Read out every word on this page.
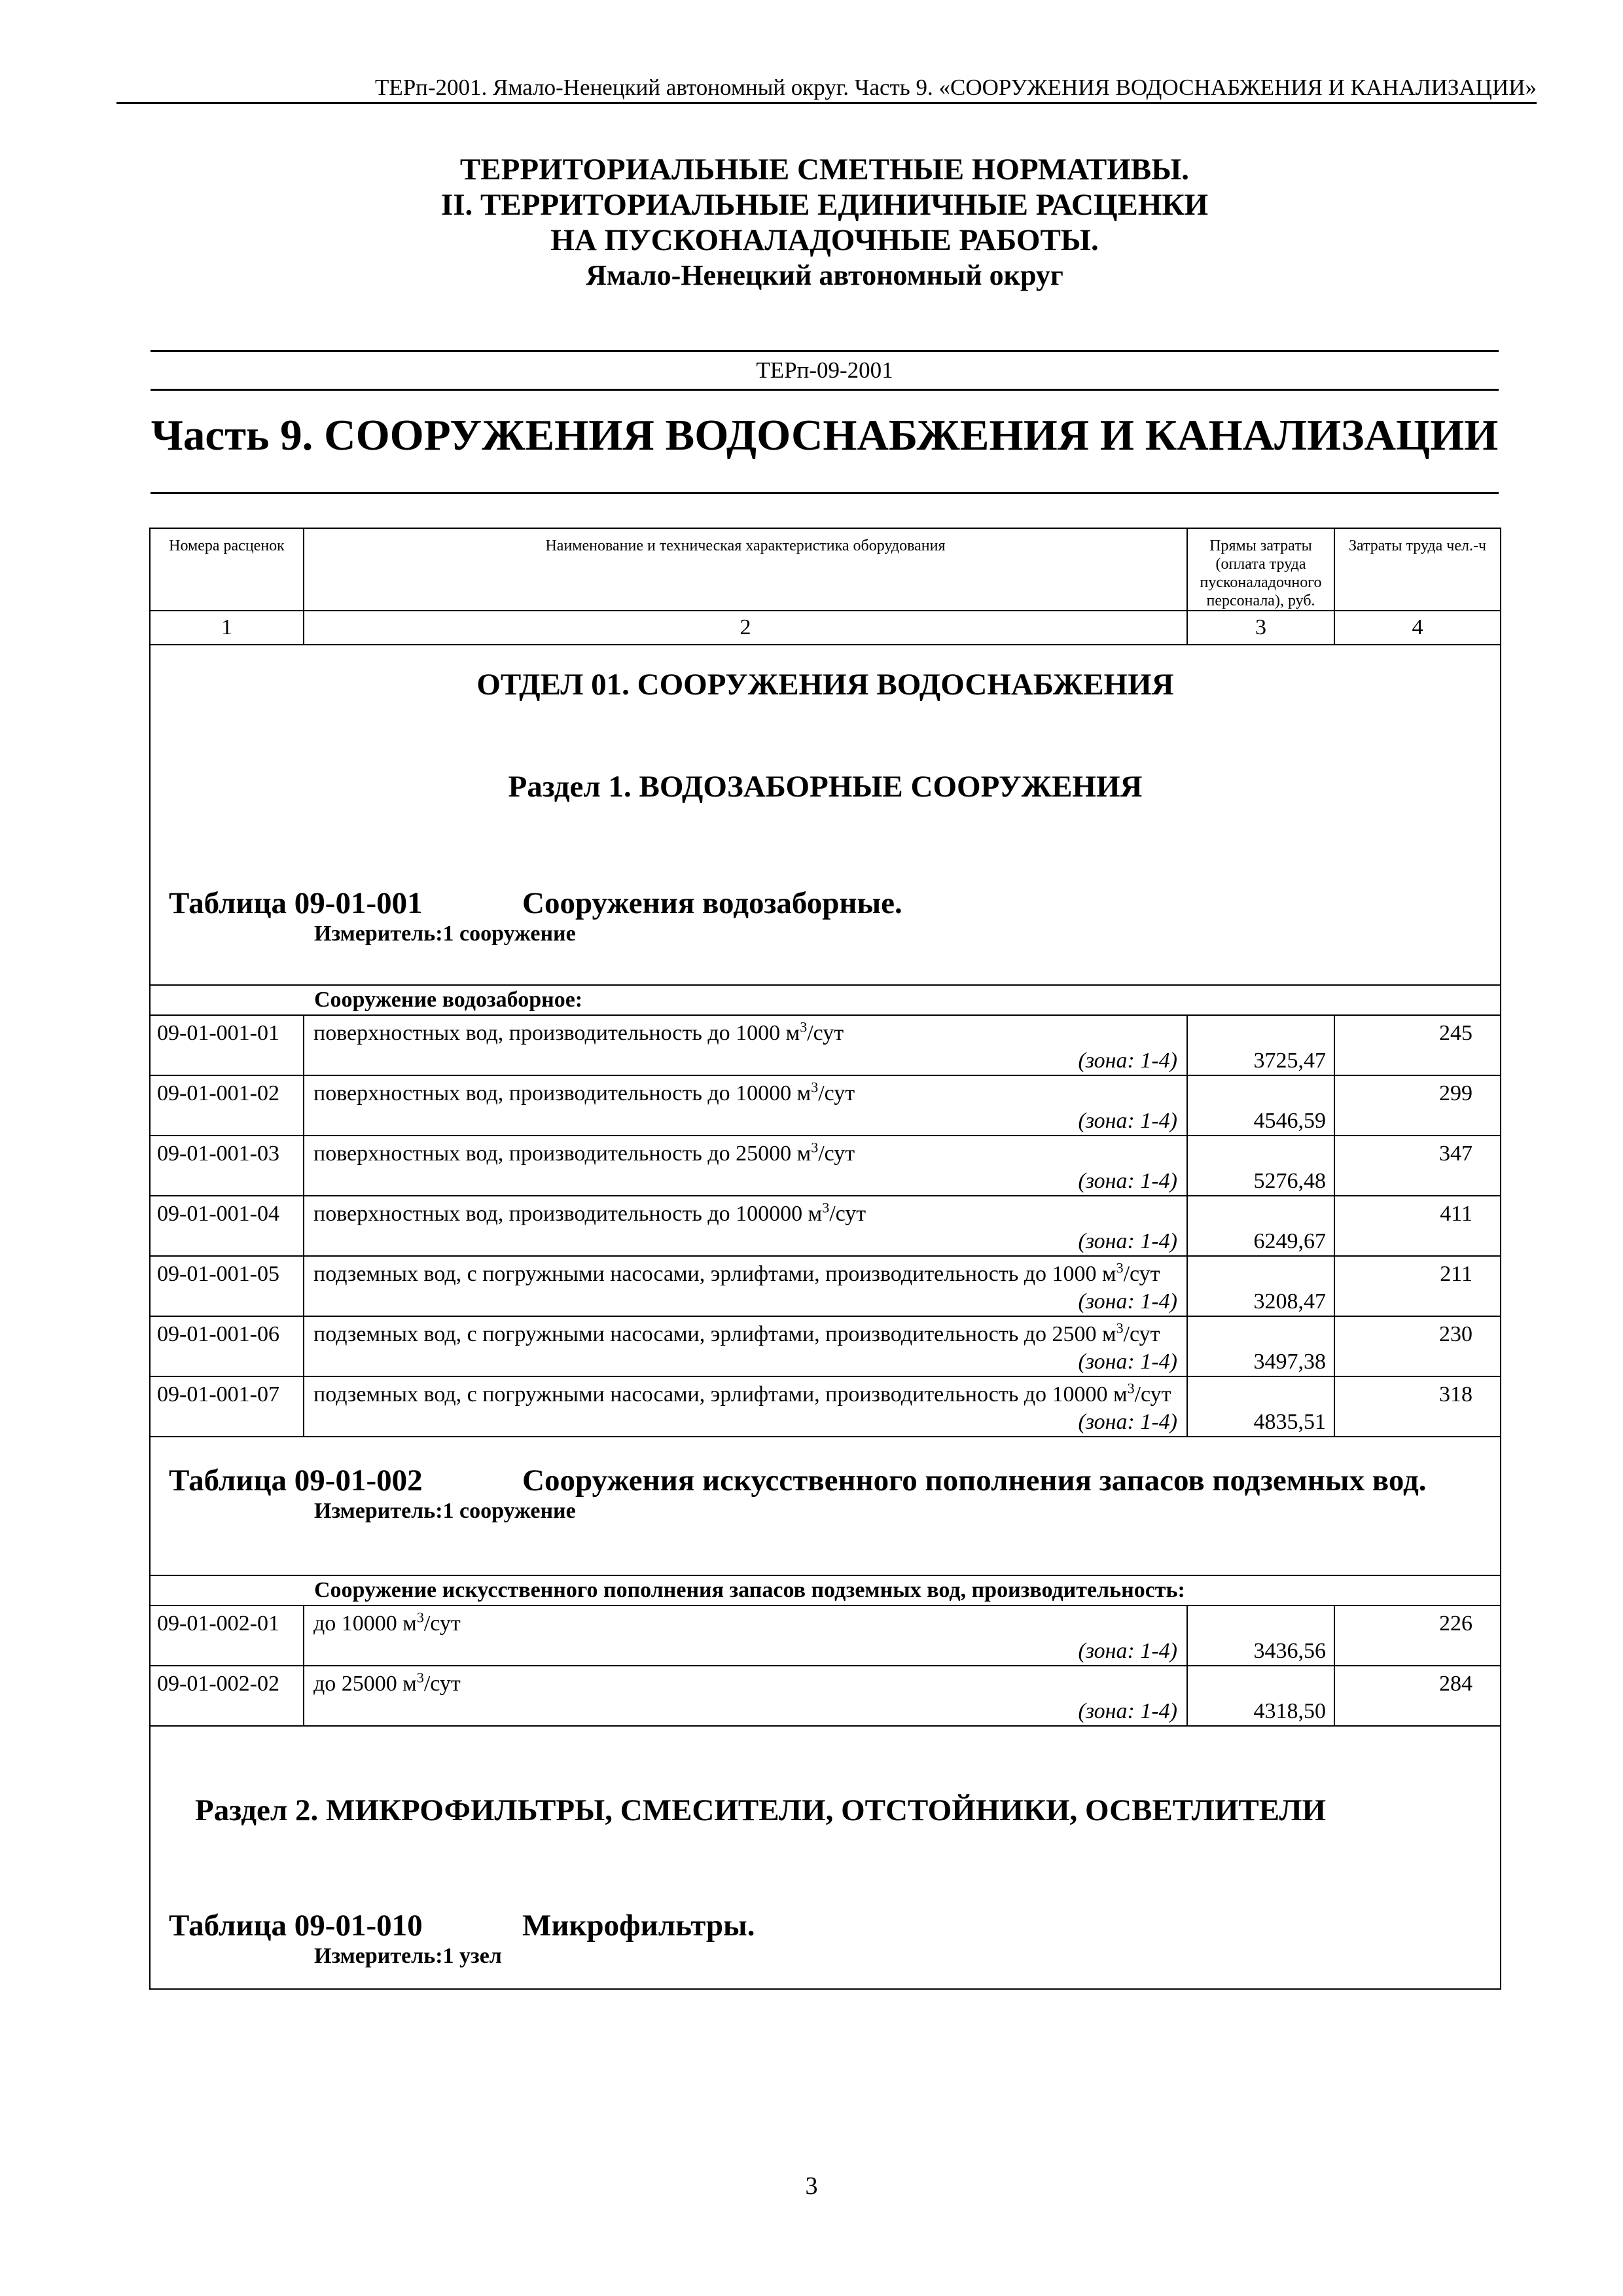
ТЕРп-2001. Ямало-Ненецкий автономный округ. Часть 9. «СООРУЖЕНИЯ ВОДОСНАБЖЕНИЯ И КАНАЛИЗАЦИИ»
ТЕРРИТОРИАЛЬНЫЕ СМЕТНЫЕ НОРМАТИВЫ.
II. ТЕРРИТОРИАЛЬНЫЕ ЕДИНИЧНЫЕ РАСЦЕНКИ
НА ПУСКОНАЛАДОЧНЫЕ РАБОТЫ.
Ямало-Ненецкий автономный округ
ТЕРп-09-2001
Часть 9. СООРУЖЕНИЯ ВОДОСНАБЖЕНИЯ И КАНАЛИЗАЦИИ
Номера расценок	Наименование и техническая характеристика оборудования	Прямы затраты (оплата труда пусконаладочного персонала), руб.	Затраты труда чел.-ч
1	2	3	4

ОТДЕЛ 01. СООРУЖЕНИЯ ВОДОСНАБЖЕНИЯ
Раздел 1. ВОДОЗАБОРНЫЕ СООРУЖЕНИЯ
Таблица 09-01-001 Сооружения водозаборные.
Измеритель:1 сооружение			

Сооружение водозаборное:			
09-01-001-01	поверхностных вод, производительность до 1000 $м^3$/сут
(зона: 1-4)	3725,47	245
09-01-001-02	поверхностных вод, производительность до 10000 $м^3$/сут
(зона: 1-4)	4546,59	299
09-01-001-03	поверхностных вод, производительность до 25000 $м^3$/сут
(зона: 1-4)	5276,48	347
09-01-001-04	поверхностных вод, производительность до 100000 $м^3$/сут
(зона: 1-4)	6249,67	411
09-01-001-05	подземных вод, с погружными насосами, эрлифтами, производительность до 1000 $м^3$/сут
(зона: 1-4)	3208,47	211
09-01-001-06	подземных вод, с погружными насосами, эрлифтами, производительность до 2500 $м^3$/сут
(зона: 1-4)	3497,38	230
09-01-001-07	подземных вод, с погружными насосами, эрлифтами, производительность до 10000 $м^3$/сут
(зона: 1-4)	4835,51	318

Таблица 09-01-002 Сооружения искусственного пополнения запасов подземных вод.
Измеритель:1 сооружение			

Сооружение искусственного пополнения запасов подземных вод, производительность:			
09-01-002-01	до 10000 $м^3$/сут
(зона: 1-4)	3436,56	226
09-01-002-02	до 25000 $м^3$/сут
(зона: 1-4)	4318,50	284

Раздел 2. МИКРОФИЛЬТРЫ, СМЕСИТЕЛИ, ОТСТОЙНИКИ, ОСВЕТЛИТЕЛИ
Таблица 09-01-010 Микрофильтры.
Измеритель:1 узел			
3
